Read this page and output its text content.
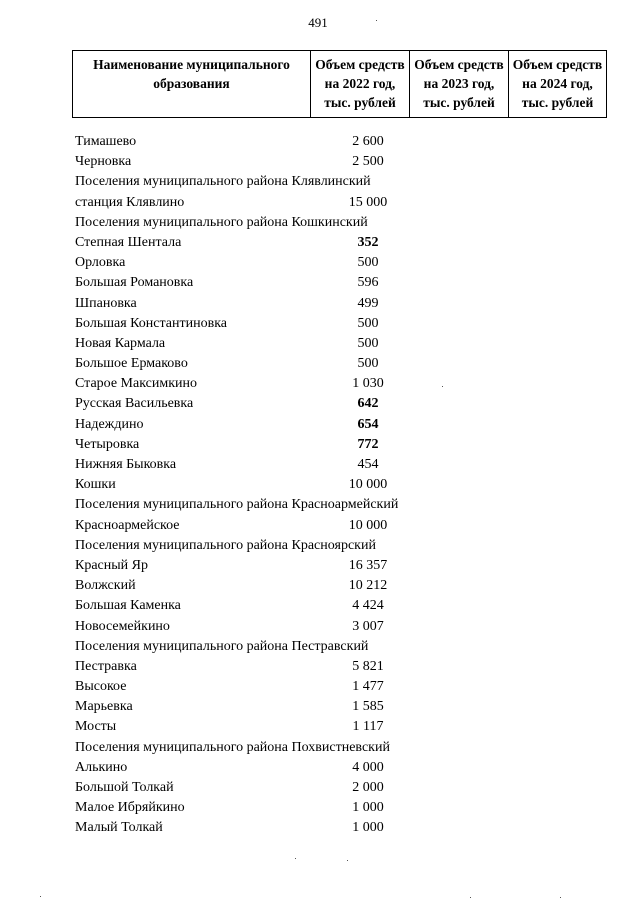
491
Наименование муниципального образования	Объем средств на 2022 год, тыс. рублей	Объем средств на 2023 год, тыс. рублей	Объем средств на 2024 год, тыс. рублей
Тимашево	2 600
Черновка	2 500
Поселения муниципального района Клявлинский
станция Клявлино	15 000
Поселения муниципального района Кошкинский
Степная Шентала	352
Орловка	500
Большая Романовка	596
Шпановка	499
Большая Константиновка	500
Новая Кармала	500
Большое Ермаково	500
Старое Максимкино	1 030
Русская Васильевка	642
Надеждино	654
Четыровка	772
Нижняя Быковка	454
Кошки	10 000
Поселения муниципального района Красноармейский
Красноармейское	10 000
Поселения муниципального района Красноярский
Красный Яр	16 357
Волжский	10 212
Большая Каменка	4 424
Новосемейкино	3 007
Поселения муниципального района Пестравский
Пестравка	5 821
Высокое	1 477
Марьевка	1 585
Мосты	1 117
Поселения муниципального района Похвистневский
Алькино	4 000
Большой Толкай	2 000
Малое Ибряйкино	1 000
Малый Толкай	1 000
